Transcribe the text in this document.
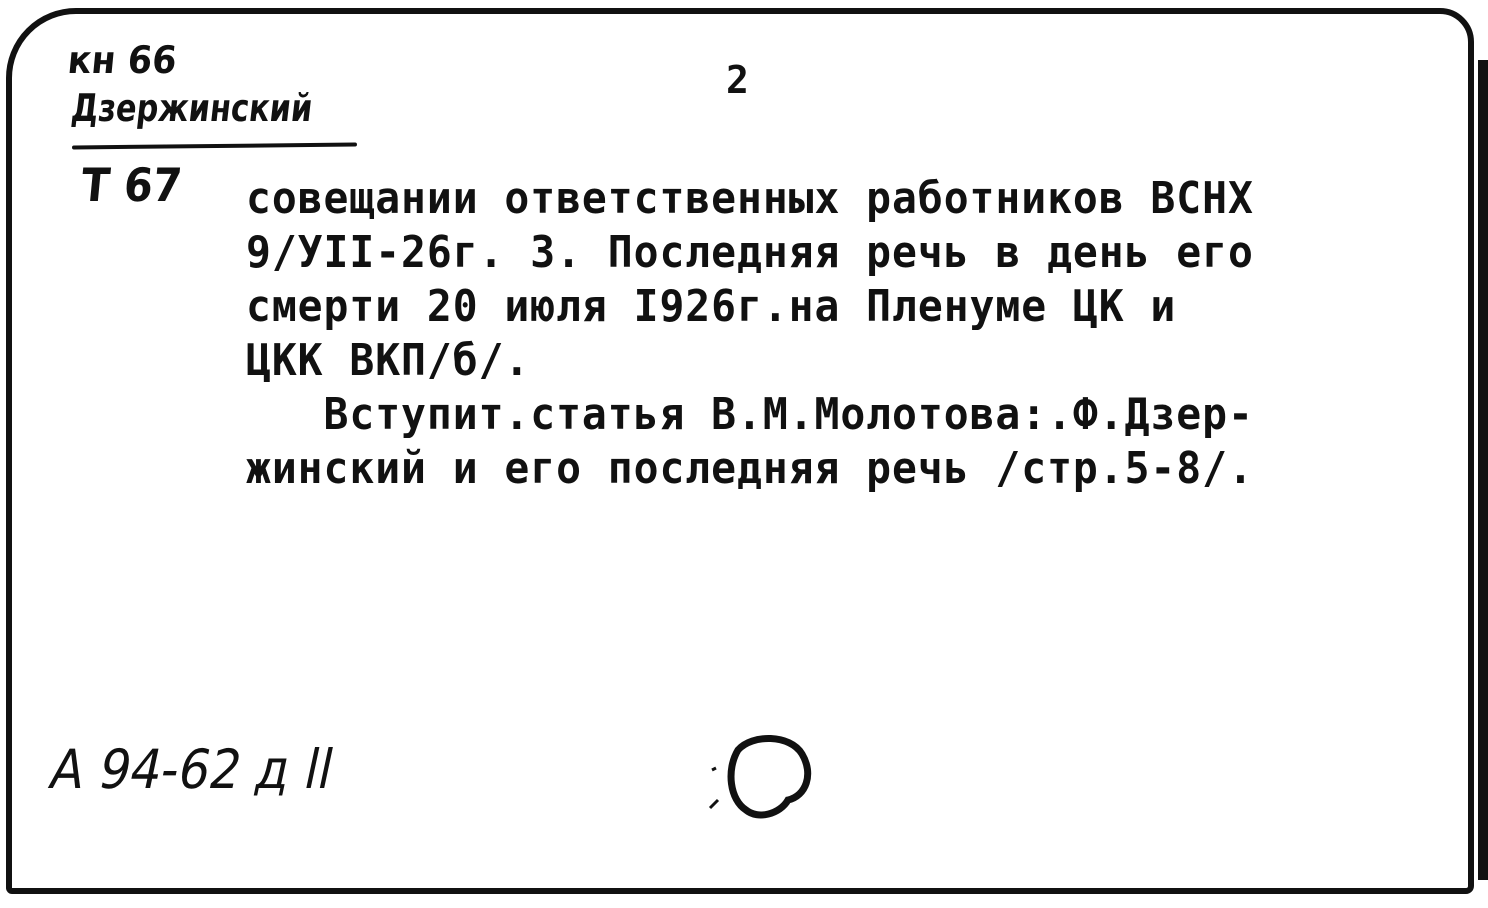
кн 66
Дзержинский
Т 67
2
совещании ответственных работников ВСНХ
9/УII-26г. 3. Последняя речь в день его
смерти 20 июля I926г.на Пленуме ЦК и
ЦКК ВКП/б/.
Вступит.статья В.М.Молотова:.Ф.Дзер-
жинский и его последняя речь /стр.5-8/.
А 94-62 д ll
